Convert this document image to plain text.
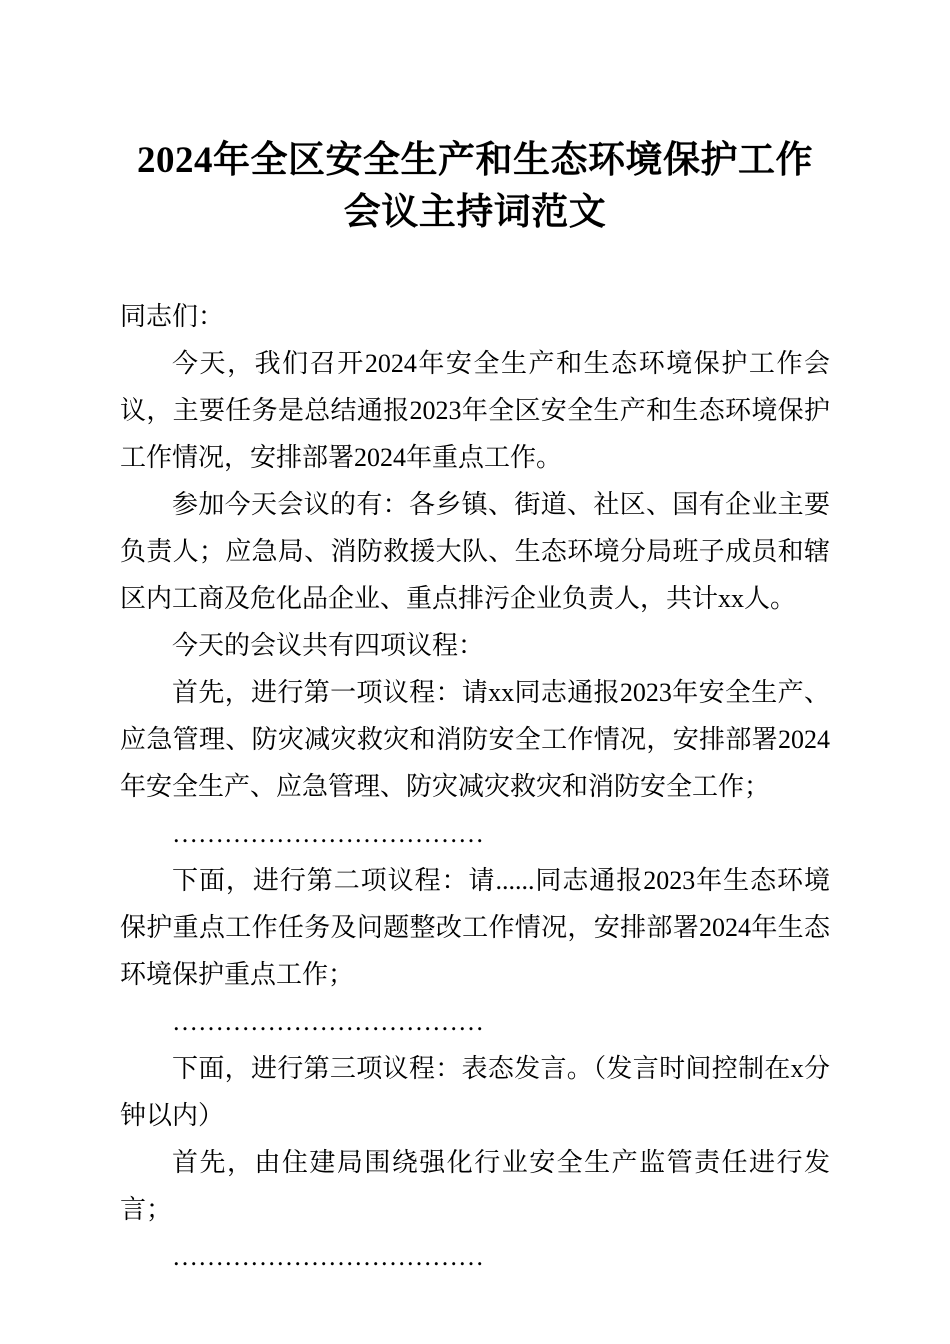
2024年全区安全生产和生态环境保护工作会议主持词范文

同志们：

今天，我们召开2024年安全生产和生态环境保护工作会议，主要任务是总结通报2023年全区安全生产和生态环境保护工作情况，安排部署2024年重点工作。

参加今天会议的有：各乡镇、街道、社区、国有企业主要负责人；应急局、消防救援大队、生态环境分局班子成员和辖区内工商及危化品企业、重点排污企业负责人，共计xx人。

今天的会议共有四项议程：

首先，进行第一项议程：请xx同志通报2023年安全生产、应急管理、防灾减灾救灾和消防安全工作情况，安排部署2024年安全生产、应急管理、防灾减灾救灾和消防安全工作；

………………………………

下面，进行第二项议程：请......同志通报2023年生态环境保护重点工作任务及问题整改工作情况，安排部署2024年生态环境保护重点工作；

………………………………

下面，进行第三项议程：表态发言。（发言时间控制在x分钟以内）

首先，由住建局围绕强化行业安全生产监管责任进行发言；

………………………………
